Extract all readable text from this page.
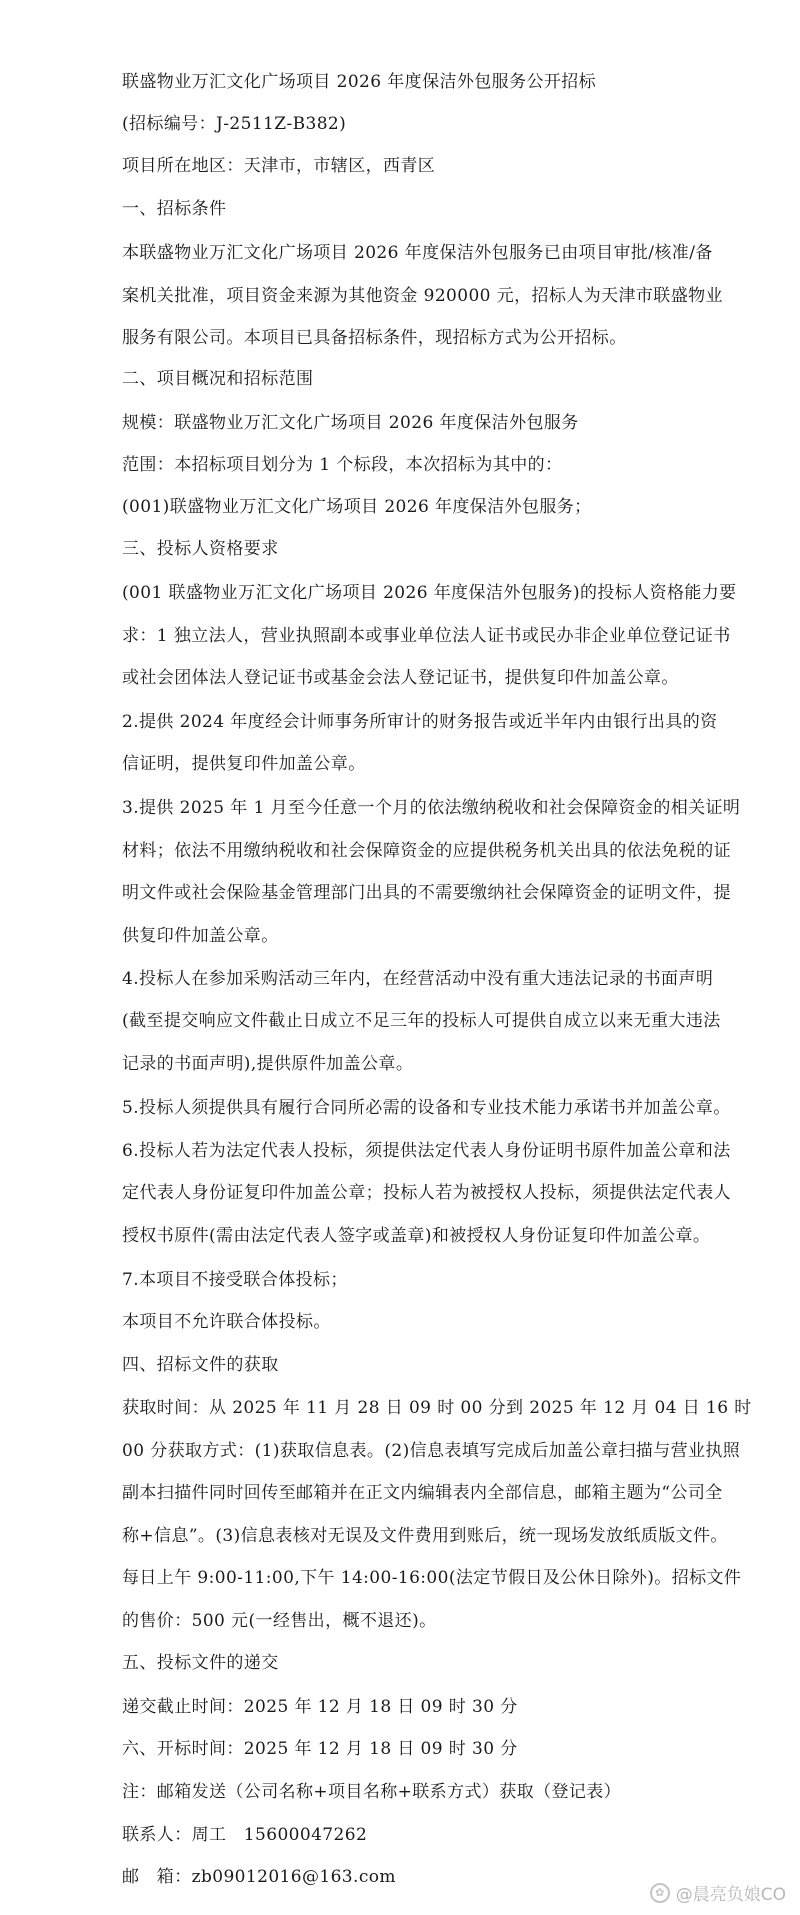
联盛物业万汇文化广场项目 2026 年度保洁外包服务公开招标
(招标编号：J-2511Z-B382)
项目所在地区：天津市，市辖区，西青区
一、招标条件
本联盛物业万汇文化广场项目 2026 年度保洁外包服务已由项目审批/核准/备
案机关批准，项目资金来源为其他资金 920000 元，招标人为天津市联盛物业
服务有限公司。本项目已具备招标条件，现招标方式为公开招标。
二、项目概况和招标范围
规模：联盛物业万汇文化广场项目 2026 年度保洁外包服务
范围：本招标项目划分为 1 个标段，本次招标为其中的：
(001)联盛物业万汇文化广场项目 2026 年度保洁外包服务；
三、投标人资格要求
(001 联盛物业万汇文化广场项目 2026 年度保洁外包服务)的投标人资格能力要
求：1 独立法人，营业执照副本或事业单位法人证书或民办非企业单位登记证书
或社会团体法人登记证书或基金会法人登记证书，提供复印件加盖公章。
2.提供 2024 年度经会计师事务所审计的财务报告或近半年内由银行出具的资
信证明，提供复印件加盖公章。
3.提供 2025 年 1 月至今任意一个月的依法缴纳税收和社会保障资金的相关证明
材料；依法不用缴纳税收和社会保障资金的应提供税务机关出具的依法免税的证
明文件或社会保险基金管理部门出具的不需要缴纳社会保障资金的证明文件，提
供复印件加盖公章。
4.投标人在参加采购活动三年内，在经营活动中没有重大违法记录的书面声明
(截至提交响应文件截止日成立不足三年的投标人可提供自成立以来无重大违法
记录的书面声明),提供原件加盖公章。
5.投标人须提供具有履行合同所必需的设备和专业技术能力承诺书并加盖公章。
6.投标人若为法定代表人投标，须提供法定代表人身份证明书原件加盖公章和法
定代表人身份证复印件加盖公章；投标人若为被授权人投标，须提供法定代表人
授权书原件(需由法定代表人签字或盖章)和被授权人身份证复印件加盖公章。
7.本项目不接受联合体投标；
本项目不允许联合体投标。
四、招标文件的获取
获取时间：从 2025 年 11 月 28 日 09 时 00 分到 2025 年 12 月 04 日 16 时
00 分获取方式：(1)获取信息表。(2)信息表填写完成后加盖公章扫描与营业执照
副本扫描件同时回传至邮箱并在正文内编辑表内全部信息，邮箱主题为“公司全
称+信息”。(3)信息表核对无误及文件费用到账后，统一现场发放纸质版文件。
每日上午 9:00-11:00,下午 14:00-16:00(法定节假日及公休日除外)。招标文件
的售价：500 元(一经售出，概不退还)。
五、投标文件的递交
递交截止时间：2025 年 12 月 18 日 09 时 30 分
六、开标时间：2025 年 12 月 18 日 09 时 30 分
注：邮箱发送（公司名称+项目名称+联系方式）获取（登记表）
联系人：周工　15600047262
邮　箱：zb09012016@163.com
✿ @晨亮负娘CO
